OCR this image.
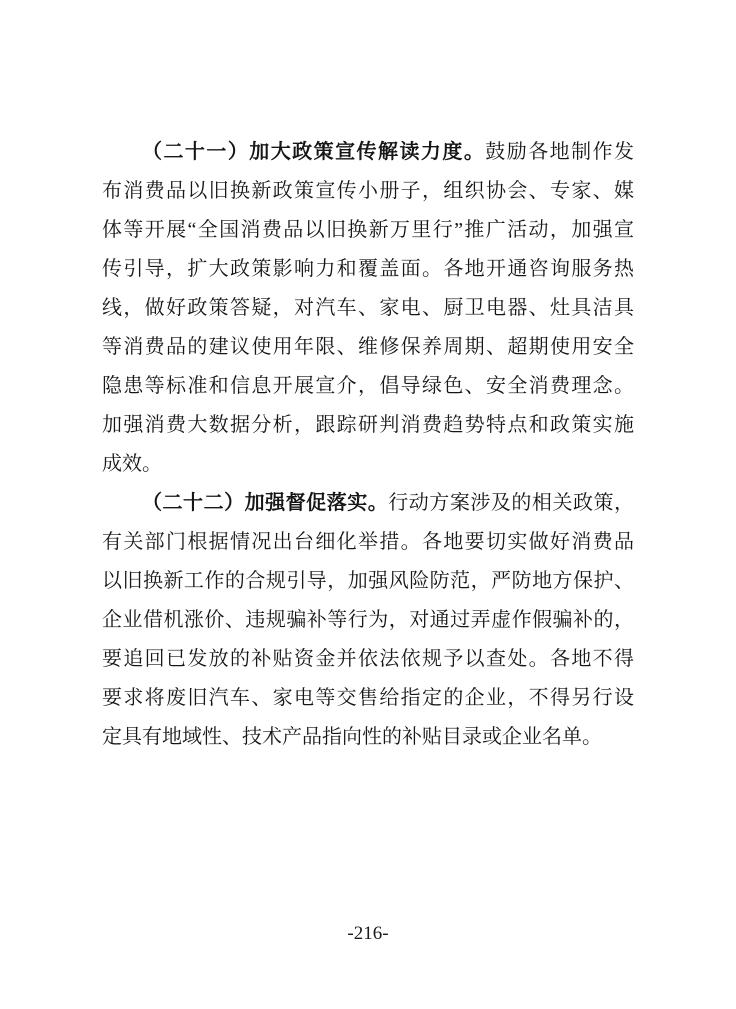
（二十一）加大政策宣传解读力度。鼓励各地制作发
布消费品以旧换新政策宣传小册子，组织协会、专家、媒
体等开展“全国消费品以旧换新万里行”推广活动，加强宣
传引导，扩大政策影响力和覆盖面。各地开通咨询服务热
线，做好政策答疑，对汽车、家电、厨卫电器、灶具洁具
等消费品的建议使用年限、维修保养周期、超期使用安全
隐患等标准和信息开展宣介，倡导绿色、安全消费理念。
加强消费大数据分析，跟踪研判消费趋势特点和政策实施
成效。
（二十二）加强督促落实。行动方案涉及的相关政策，
有关部门根据情况出台细化举措。各地要切实做好消费品
以旧换新工作的合规引导，加强风险防范，严防地方保护、
企业借机涨价、违规骗补等行为，对通过弄虚作假骗补的，
要追回已发放的补贴资金并依法依规予以查处。各地不得
要求将废旧汽车、家电等交售给指定的企业，不得另行设
定具有地域性、技术产品指向性的补贴目录或企业名单。
-216-
